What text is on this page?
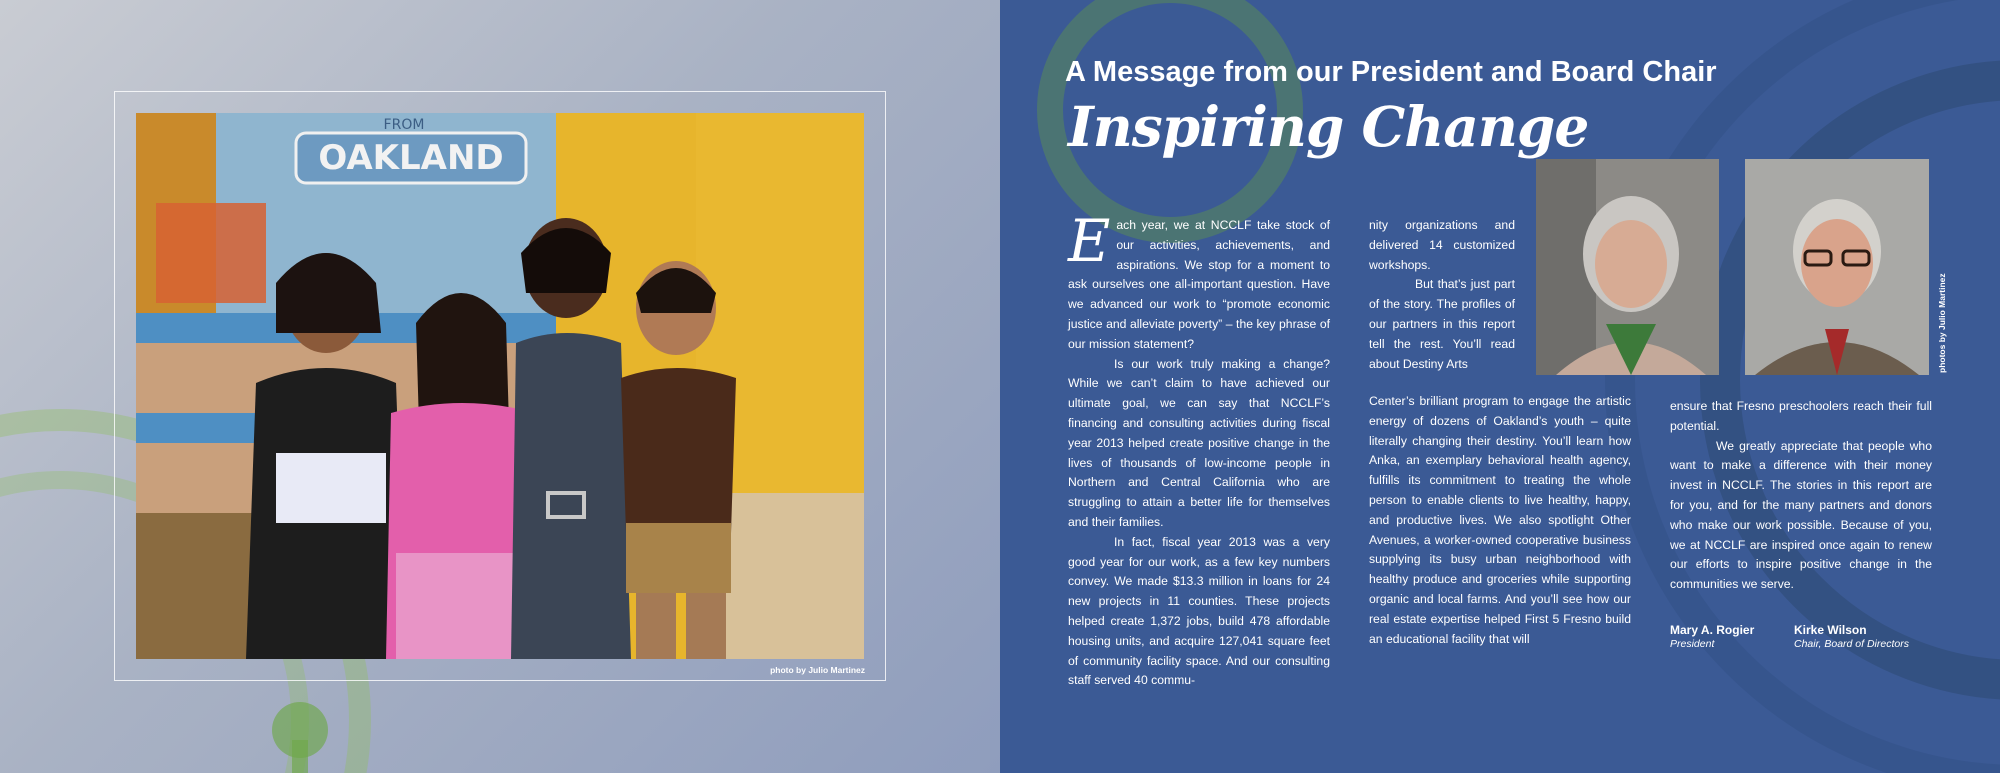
OAKLAND
FROM
photo by Julio Martinez
A Message from our President and Board Chair
Inspiring Change

Each year, we at NCCLF take stock of our activities, achievements, and aspirations. We stop for a moment to ask ourselves one all-important question. Have we advanced our work to “promote economic justice and alleviate poverty” – the key phrase of our mission statement?

Is our work truly making a change? While we can’t claim to have achieved our ultimate goal, we can say that NCCLF’s financing and consulting activities during fiscal year 2013 helped create positive change in the lives of thousands of low-income people in Northern and Central California who are struggling to attain a better life for themselves and their families.

In fact, fiscal year 2013 was a very good year for our work, as a few key numbers convey. We made $13.3 million in loans for 24 new projects in 11 counties. These projects helped create 1,372 jobs, build 478 affordable housing units, and acquire 127,041 square feet of community facility space. And our consulting staff served 40 commu-

nity organizations and delivered 14 customized workshops.

But that’s just part of the story. The profiles of our partners in this report tell the rest. You’ll read about Destiny Arts

Center’s brilliant program to engage the artistic energy of dozens of Oakland’s youth – quite literally changing their destiny. You’ll learn how Anka, an exemplary behavioral health agency, fulfills its commitment to treating the whole person to enable clients to live healthy, happy, and productive lives. We also spotlight Other Avenues, a worker-owned cooperative business supplying its busy urban neighborhood with healthy produce and groceries while supporting organic and local farms. And you’ll see how our real estate expertise helped First 5 Fresno build an educational facility that will

photos by Julio Martinez

ensure that Fresno preschoolers reach their full potential.

We greatly appreciate that people who want to make a difference with their money invest in NCCLF. The stories in this report are for you, and for the many partners and donors who make our work possible. Because of you, we at NCCLF are inspired once again to renew our efforts to inspire positive change in the communities we serve.

Mary A. Rogier
President
Kirke Wilson
Chair, Board of Directors
